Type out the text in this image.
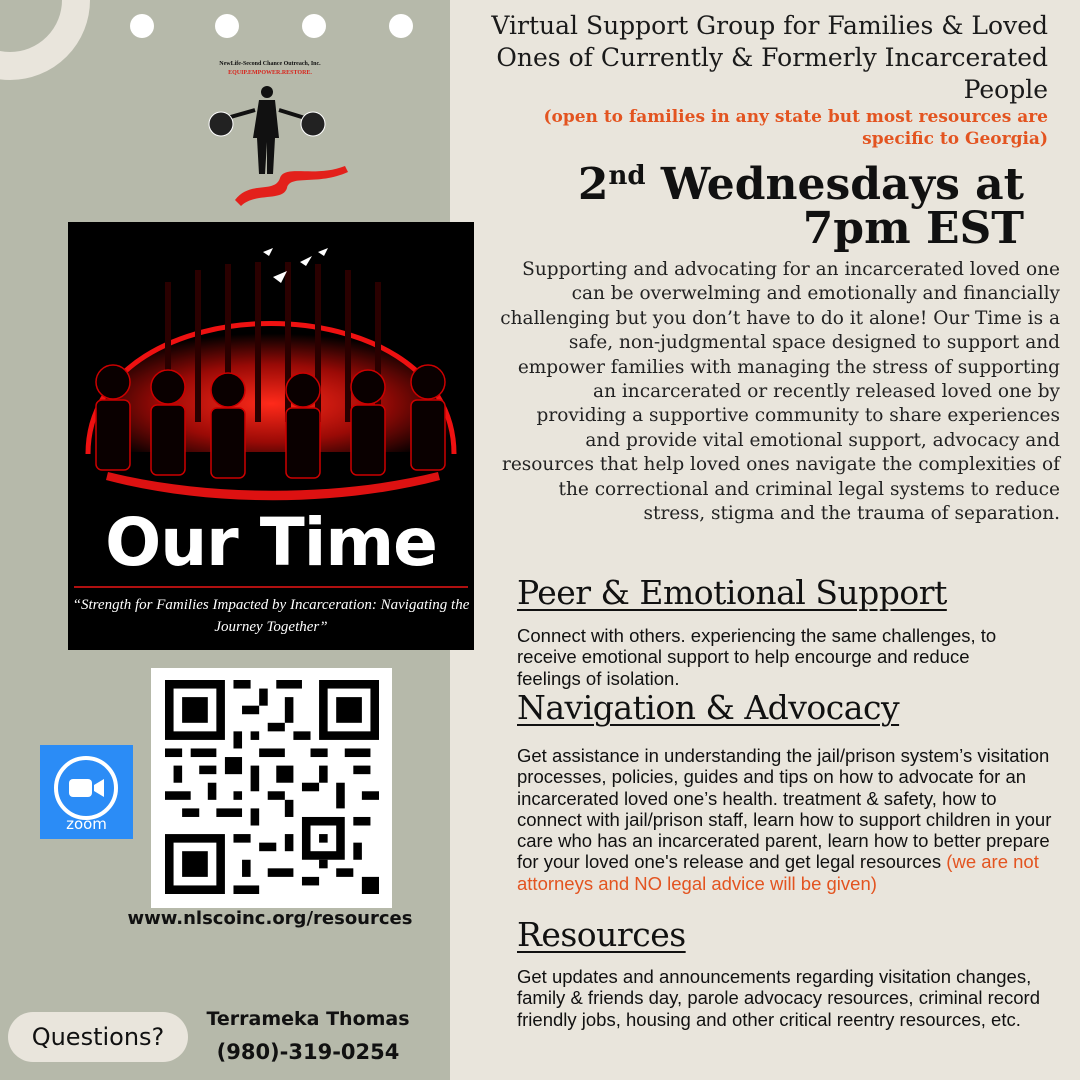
NewLife-Second Chance Outreach, Inc.
EQUIP.EMPOWER.RESTORE.
www.nlscoinc.org/resources
Questions?
Terrameka Thomas
(980)-319-0254
zoom
Our Time
“Strength for Families Impacted by Incarceration: Navigating the Journey Together”
Virtual Support Group for Families & Loved Ones of Currently & Formerly Incarcerated People
(open to families in any state but most resources are specific to Georgia)
2nd Wednesdays at
7pm EST
Supporting and advocating for an incarcerated loved one can be overwelming and emotionally and financially challenging but you don’t have to do it alone! Our Time is a safe, non-judgmental space designed to support and empower families with managing the stress of supporting an incarcerated or recently released loved one by providing a supportive community to share experiences and provide vital emotional support, advocacy and resources that help loved ones navigate the complexities of the correctional and criminal legal systems to reduce stress, stigma and the trauma of separation.
Peer & Emotional Support
Connect with others. experiencing the same challenges, to receive emotional support to help encourge and reduce feelings of isolation.
Navigation & Advocacy
Get assistance in understanding the jail/prison system’s visitation processes, policies, guides and tips on how to advocate for an incarcerated loved one’s health. treatment & safety, how to connect with jail/prison staff, learn how to support children in your care who has an incarcerated parent, learn how to better prepare for your loved one's release and get legal resources (we are not attorneys and NO legal advice will be given)
Resources
Get updates and announcements regarding visitation changes, family & friends day, parole advocacy resources, criminal record friendly jobs, housing and other critical reentry resources, etc.
